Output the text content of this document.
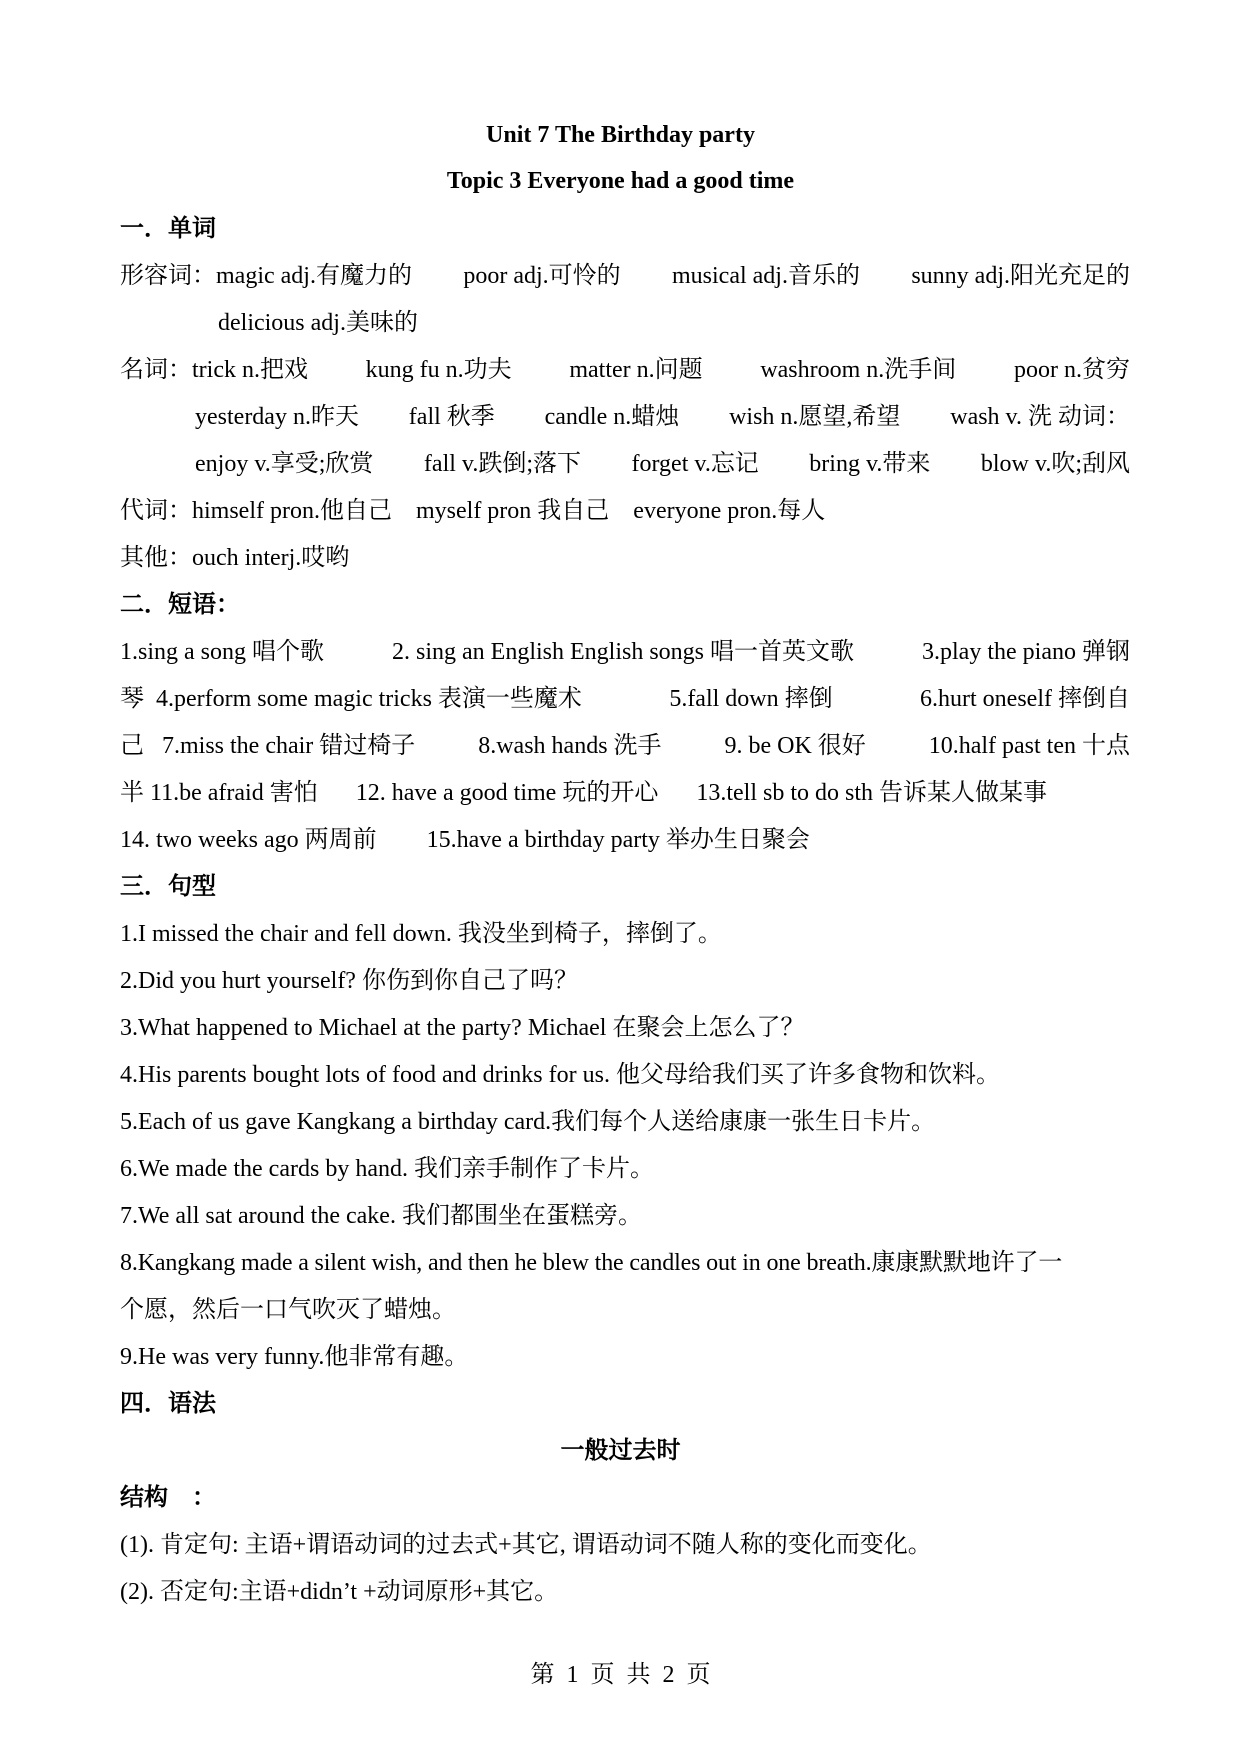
Unit 7 The Birthday party
Topic 3 Everyone had a good time
一．单词
形容词：magic adj.有魔力的 poor adj.可怜的 musical adj.音乐的 sunny adj.阳光充足的
delicious adj.美味的
名词：trick n.把戏 kung fu n.功夫 matter n.问题 washroom n.洗手间 poor n.贫穷
yesterday n.昨天 fall 秋季 candle n.蜡烛 wish n.愿望,希望 wash v. 洗 动词：
enjoy v.享受;欣赏 fall v.跌倒;落下 forget v.忘记 bring v.带来 blow v.吹;刮风
代词：himself pron.他自己 myself pron 我自己 everyone pron.每人
其他：ouch interj.哎哟
二．短语：
1.sing a song 唱个歌	2. sing an English English songs 唱一首英文歌	3.play the piano 弹钢
琴 4.perform some magic tricks 表演一些魔术	5.fall down 摔倒	6.hurt oneself 摔倒自
己 7.miss the chair 错过椅子	8.wash hands 洗手	9. be OK 很好	10.half past ten 十点
半 11.be afraid 害怕 12. have a good time 玩的开心 13.tell sb to do sth 告诉某人做某事
14. two weeks ago 两周前 15.have a birthday party 举办生日聚会
三．句型
1.I missed the chair and fell down. 我没坐到椅子，摔倒了。
2.Did you hurt yourself? 你伤到你自己了吗？
3.What happened to Michael at the party? Michael 在聚会上怎么了？
4.His parents bought lots of food and drinks for us. 他父母给我们买了许多食物和饮料。
5.Each of us gave Kangkang a birthday card.我们每个人送给康康一张生日卡片。
6.We made the cards by hand. 我们亲手制作了卡片。
7.We all sat around the cake. 我们都围坐在蛋糕旁。
8.Kangkang made a silent wish, and then he blew the candles out in one breath.康康默默地许了一
个愿，然后一口气吹灭了蜡烛。
9.He was very funny.他非常有趣。
四．语法
一般过去时
结构　：
(1). 肯定句: 主语+谓语动词的过去式+其它, 谓语动词不随人称的变化而变化。
(2). 否定句:主语+didn’t +动词原形+其它。
第 1 页 共 2 页
